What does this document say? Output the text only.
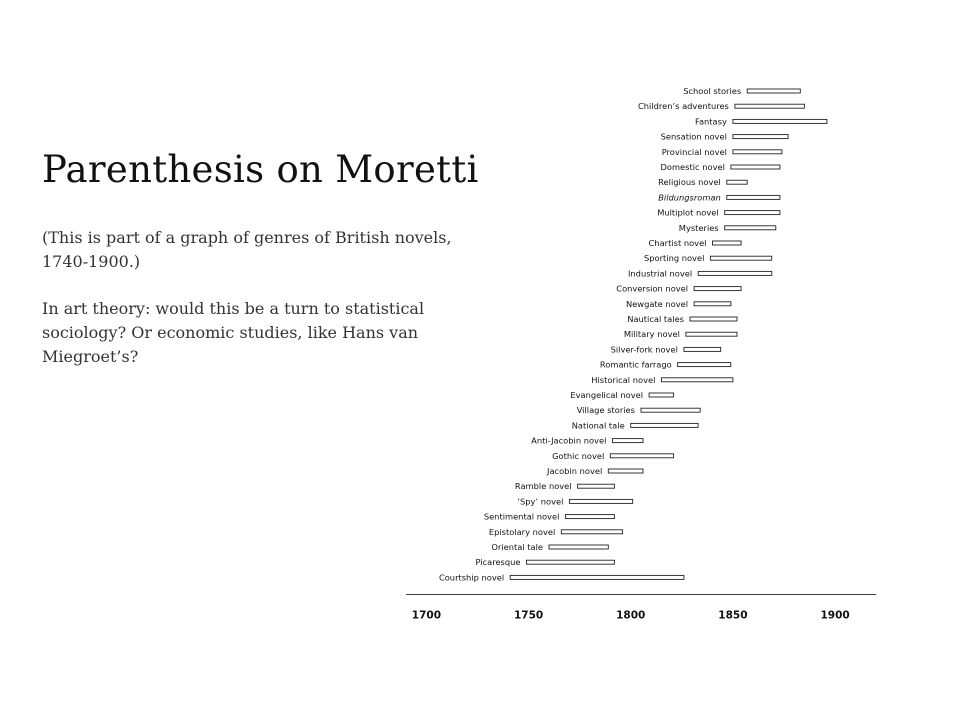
Parenthesis on Moretti

(This is part of a graph of genres of British novels, 1740-1900.)

In art theory: would this be a turn to statistical sociology? Or economic studies, like Hans van Miegroet’s?

School stories
Children’s adventures
Fantasy
Sensation novel
Provincial novel
Domestic novel
Religious novel
Bildungsroman
Multiplot novel
Mysteries
Chartist novel
Sporting novel
Industrial novel
Conversion novel
Newgate novel
Nautical tales
Military novel
Silver-fork novel
Romantic farrago
Historical novel
Evangelical novel
Village stories
National tale
Anti-Jacobin novel
Gothic novel
Jacobin novel
Ramble novel
‘Spy’ novel
Sentimental novel
Epistolary novel
Oriental tale
Picaresque
Courtship novel
1700	1750	1800	1850	1900
